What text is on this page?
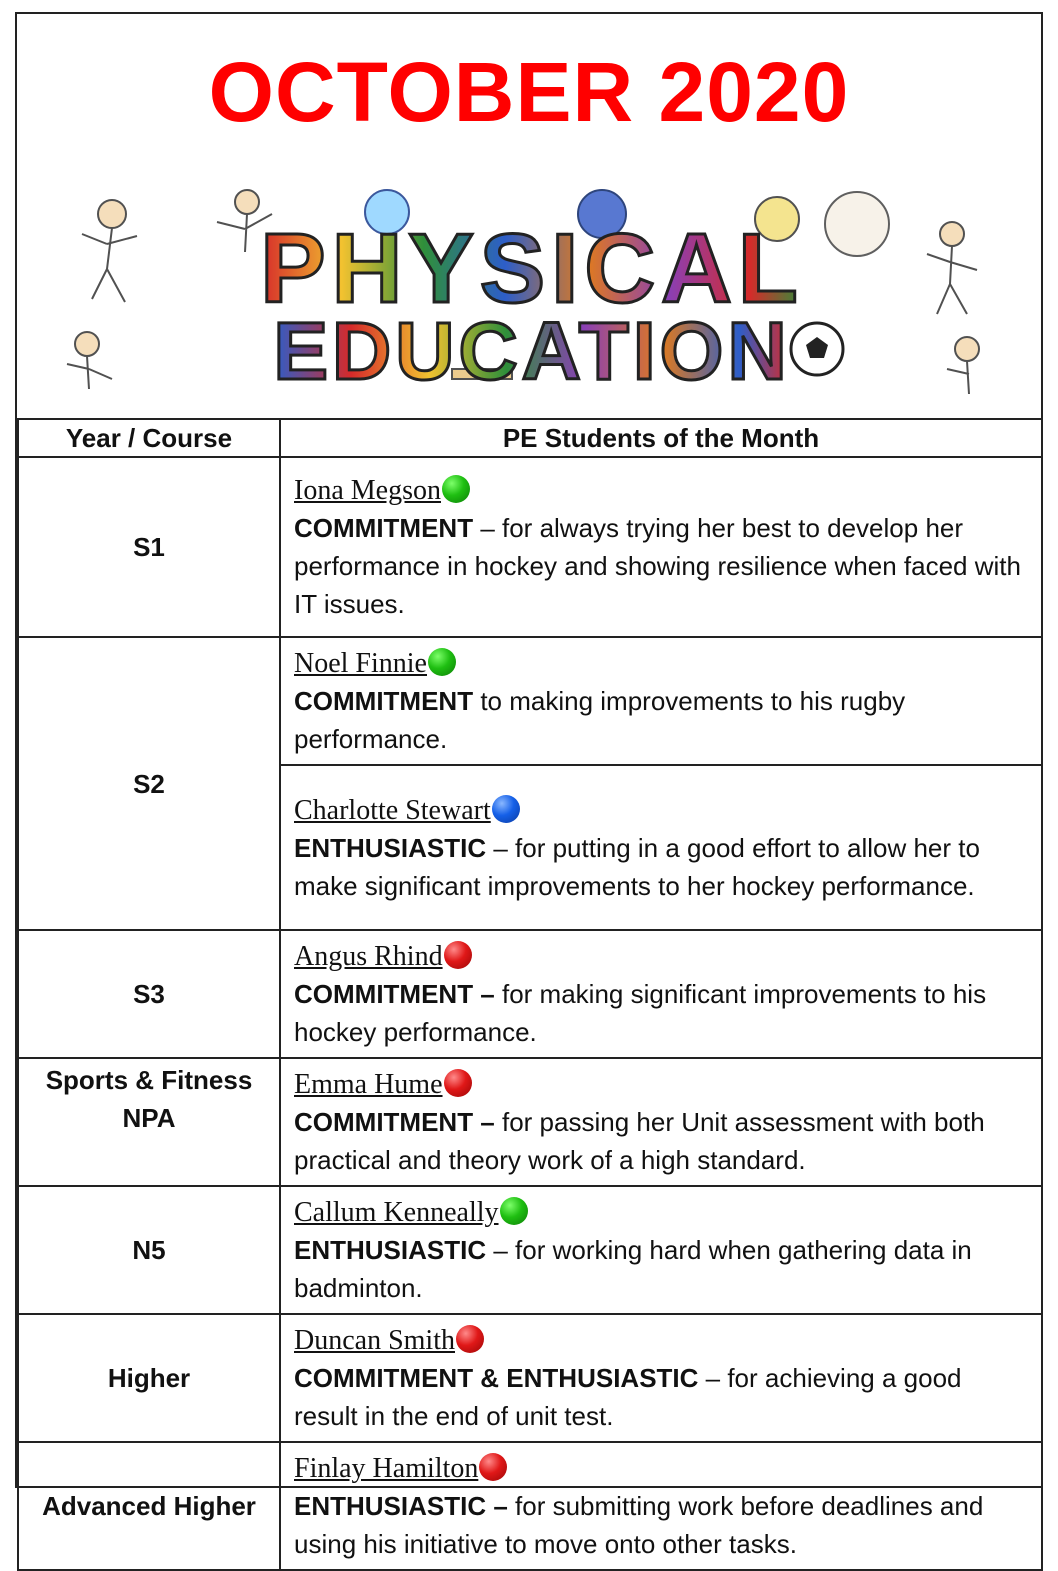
OCTOBER 2020
PHYSICAL
EDUCATION
Year / Course	PE Students of the Month
S1	Iona Megson
COMMITMENT – for always trying her best to develop her performance in hockey and showing resilience when faced with IT issues.

S2	Noel Finnie
COMMITMENT to making improvements to his rugby performance.

	Charlotte Stewart
ENTHUSIASTIC – for putting in a good effort to allow her to make significant improvements to her hockey performance.

S3	Angus Rhind
COMMITMENT – for making significant improvements to his hockey performance.

Sports & Fitness NPA	Emma Hume
COMMITMENT – for passing her Unit assessment with both practical and theory work of a high standard.

N5	Callum Kenneally
ENTHUSIASTIC – for working hard when gathering data in badminton.

Higher	Duncan Smith
COMMITMENT & ENTHUSIASTIC – for achieving a good result in the end of unit test.

Advanced Higher	Finlay Hamilton
ENTHUSIASTIC – for submitting work before deadlines and using his initiative to move onto other tasks.
